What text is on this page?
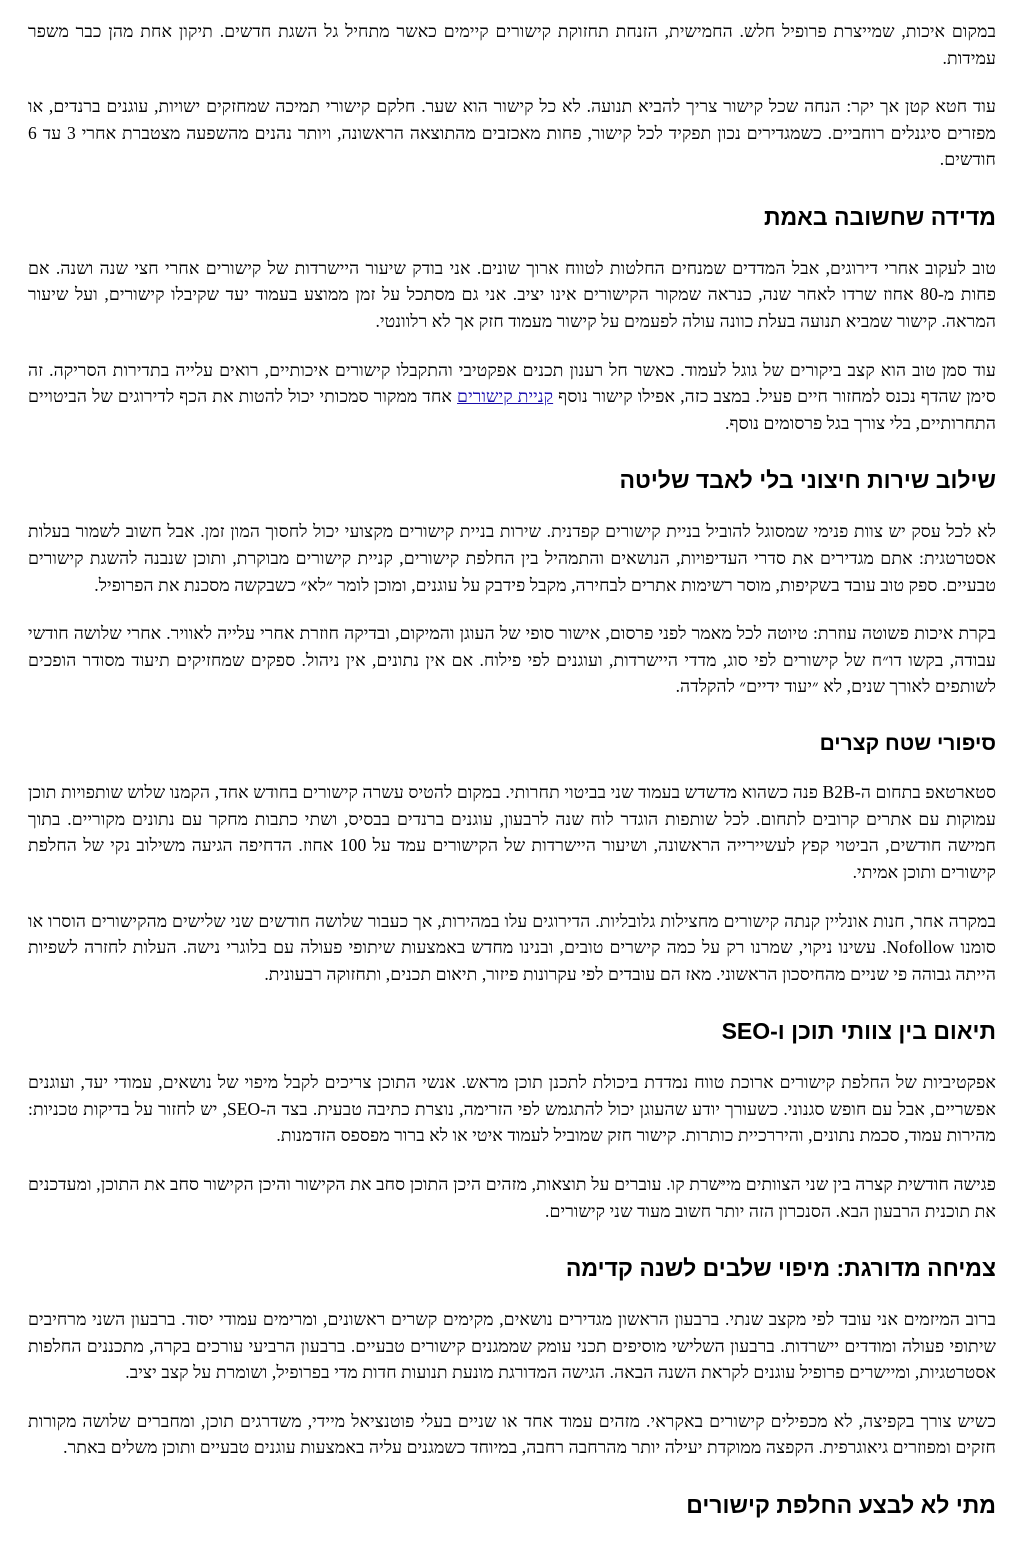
במקום איכות, שמייצרת פרופיל חלש. החמישית, הזנחת תחזוקת קישורים קיימים כאשר מתחיל גל השגת חדשים. תיקון אחת מהן כבר משפר עמידות.

עוד חטא קטן אך יקר: הנחה שכל קישור צריך להביא תנועה. לא כל קישור הוא שער. חלקם קישורי תמיכה שמחזקים ישויות, עוגנים ברנדים, או מפזרים סיגנלים רוחביים. כשמגדירים נכון תפקיד לכל קישור, פחות מאכזבים מהתוצאה הראשונה, ויותר נהנים מהשפעה מצטברת אחרי 3 עד 6 חודשים.

מדידה שחשובה באמת

טוב לעקוב אחרי דירוגים, אבל המדדים שמנחים החלטות לטווח ארוך שונים. אני בודק שיעור היישרדות של קישורים אחרי חצי שנה ושנה. אם פחות מ-80 אחוז שרדו לאחר שנה, כנראה שמקור הקישורים אינו יציב. אני גם מסתכל על זמן ממוצע בעמוד יעד שקיבלו קישורים, ועל שיעור המראה. קישור שמביא תנועה בעלת כוונה עולה לפעמים על קישור מעמוד חזק אך לא רלוונטי.

עוד סמן טוב הוא קצב ביקורים של גוגל לעמוד. כאשר חל רענון תכנים אפקטיבי והתקבלו קישורים איכותיים, רואים עלייה בתדירות הסריקה. זה סימן שהדף נכנס למחזור חיים פעיל. במצב כזה, אפילו קישור נוסף קניית קישורים אחד ממקור סמכותי יכול להטות את הכף לדירוגים של הביטויים התחרותיים, בלי צורך בגל פרסומים נוסף.

שילוב שירות חיצוני בלי לאבד שליטה

לא לכל עסק יש צוות פנימי שמסוגל להוביל בניית קישורים קפדנית. שירות בניית קישורים מקצועי יכול לחסוך המון זמן. אבל חשוב לשמור בעלות אסטרטגית: אתם מגדירים את סדרי העדיפויות, הנושאים והתמהיל בין החלפת קישורים, קניית קישורים מבוקרת, ותוכן שנבנה להשגת קישורים טבעיים. ספק טוב עובד בשקיפות, מוסר רשימות אתרים לבחירה, מקבל פידבק על עוגנים, ומוכן לומר ״לא״ כשבקשה מסכנת את הפרופיל.

בקרת איכות פשוטה עוזרת: טיוטה לכל מאמר לפני פרסום, אישור סופי של העוגן והמיקום, ובדיקה חוזרת אחרי עלייה לאוויר. אחרי שלושה חודשי עבודה, בקשו דו״ח של קישורים לפי סוג, מדדי היישרדות, ועוגנים לפי פילוח. אם אין נתונים, אין ניהול. ספקים שמחזיקים תיעוד מסודר הופכים לשותפים לאורך שנים, לא ״יעוד ידיים״ להקלדה.

סיפורי שטח קצרים

סטארטאפ בתחום ה-B2B פנה כשהוא מדשדש בעמוד שני בביטוי תחרותי. במקום להטיס עשרה קישורים בחודש אחד, הקמנו שלוש שותפויות תוכן עמוקות עם אתרים קרובים לתחום. לכל שותפות הוגדר לוח שנה לרבעון, עוגנים ברנדים בבסיס, ושתי כתבות מחקר עם נתונים מקוריים. בתוך חמישה חודשים, הביטוי קפץ לעשיירייה הראשונה, ושיעור היישרדות של הקישורים עמד על 100 אחוז. הדחיפה הגיעה משילוב נקי של החלפת קישורים ותוכן אמיתי.

במקרה אחר, חנות אונליין קנתה קישורים מחצילות גלובליות. הדירוגים עלו במהירות, אך כעבור שלושה חודשים שני שלישים מהקישורים הוסרו או סומנו Nofollow. עשינו ניקוי, שמרנו רק על כמה קישרים טובים, ובנינו מחדש באמצעות שיתופי פעולה עם בלוגרי נישה. העלות לחזרה לשפיות הייתה גבוהה פי שניים מהחיסכון הראשוני. מאז הם עובדים לפי עקרונות פיזור, תיאום תכנים, ותחזוקה רבעונית.

תיאום בין צוותי תוכן ו-SEO

אפקטיביות של החלפת קישורים ארוכת טווח נמדדת ביכולת לתכנן תוכן מראש. אנשי התוכן צריכים לקבל מיפוי של נושאים, עמודי יעד, ועוגנים אפשריים, אבל עם חופש סגנוני. כשעורך יודע שהעוגן יכול להתגמש לפי הזרימה, נוצרת כתיבה טבעית. בצד ה-SEO, יש לחזור על בדיקות טכניות: מהירות עמוד, סכמת נתונים, והיררכיית כותרות. קישור חזק שמוביל לעמוד איטי או לא ברור מפספס הזדמנות.

פגישה חודשית קצרה בין שני הצוותים מייּשרת קו. עוברים על תוצאות, מזהים היכן התוכן סחב את הקישור והיכן הקישור סחב את התוכן, ומעדכנים את תוכנית הרבעון הבא. הסנכרון הזה יותר חשוב מעוד שני קישורים.

צמיחה מדורגת: מיפוי שלבים לשנה קדימה

ברוב המיזמים אני עובד לפי מקצב שנתי. ברבעון הראשון מגדירים נושאים, מקימים קשרים ראשונים, ומרימים עמודי יסוד. ברבעון השני מרחיבים שיתופי פעולה ומודדים יישרדות. ברבעון השלישי מוסיפים תכני עומק שממגנים קישורים טבעיים. ברבעון הרביעי עורכים בקרה, מתכננים החלפות אסטרטגיות, ומיישרים פרופיל עוגנים לקראת השנה הבאה. הגישה המדורגת מונעת תנועות חדות מדי בפרופיל, ושומרת על קצב יציב.

כשיש צורך בקפיצה, לא מכפילים קישורים באקראי. מזהים עמוד אחד או שניים בעלי פוטנציאל מיידי, משדרגים תוכן, ומחברים שלושה מקורות חזקים ומפוזרים גיאוגרפית. הקפצה ממוקדת יעילה יותר מהרחבה רחבה, במיוחד כשמגנים עליה באמצעות עוגנים טבעיים ותוכן משלים באתר.

מתי לא לבצע החלפת קישורים
